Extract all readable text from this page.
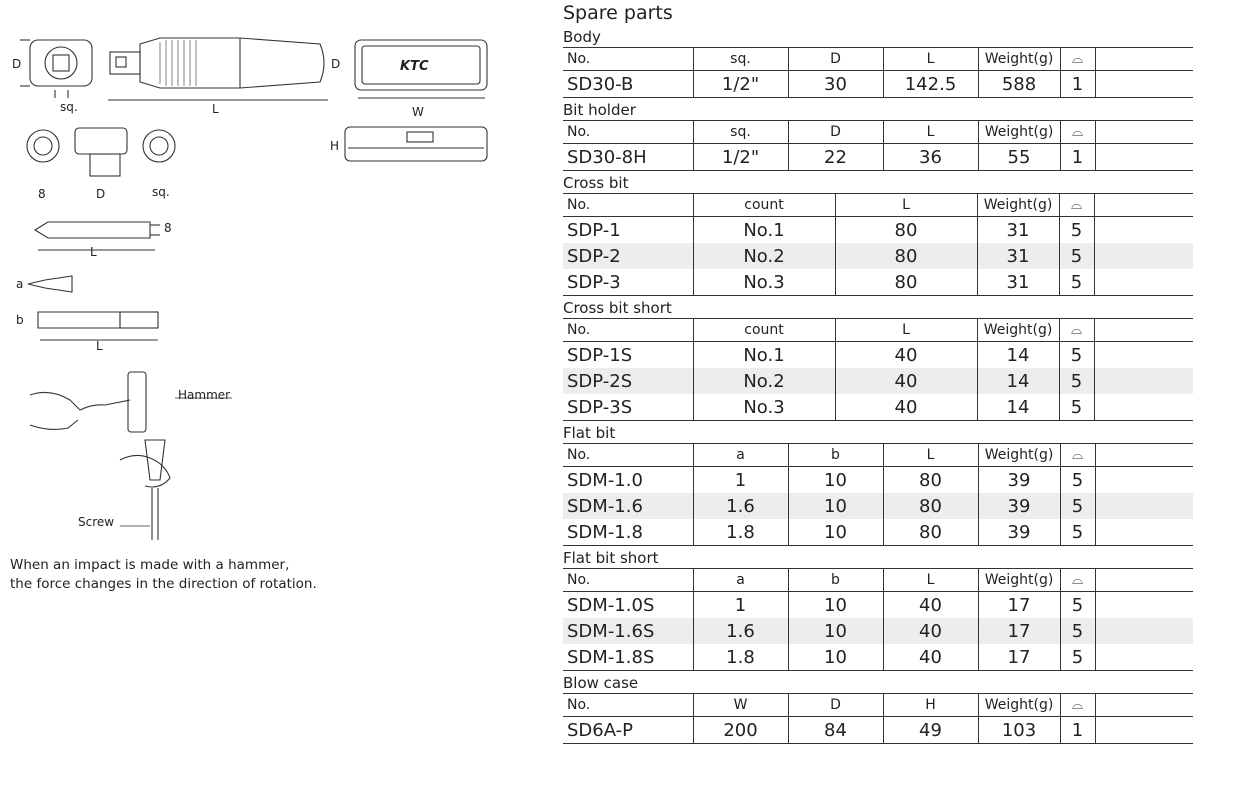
D
sq.	L
D
W
H
KTC
8	D	sq.
8
L
a
b
L
Hammer
Screw
When an impact is made with a hammer,
the force changes in the direction of rotation.
Spare parts
Body
No.	sq.	D	L	Weight(g)	⌓	
SD30-B	1/2"	30	142.5	588	1	
Bit holder
No.	sq.	D	L	Weight(g)	⌓	
SD30-8H	1/2"	22	36	55	1	
Cross bit
No.	count	L	Weight(g)	⌓	
SDP-1	No.1	80	31	5	
SDP-2	No.2	80	31	5	
SDP-3	No.3	80	31	5	
Cross bit short
No.	count	L	Weight(g)	⌓	
SDP-1S	No.1	40	14	5	
SDP-2S	No.2	40	14	5	
SDP-3S	No.3	40	14	5	
Flat bit
No.	a	b	L	Weight(g)	⌓	
SDM-1.0	1	10	80	39	5	
SDM-1.6	1.6	10	80	39	5	
SDM-1.8	1.8	10	80	39	5	
Flat bit short
No.	a	b	L	Weight(g)	⌓	
SDM-1.0S	1	10	40	17	5	
SDM-1.6S	1.6	10	40	17	5	
SDM-1.8S	1.8	10	40	17	5	
Blow case
No.	W	D	H	Weight(g)	⌓	
SD6A-P	200	84	49	103	1	
